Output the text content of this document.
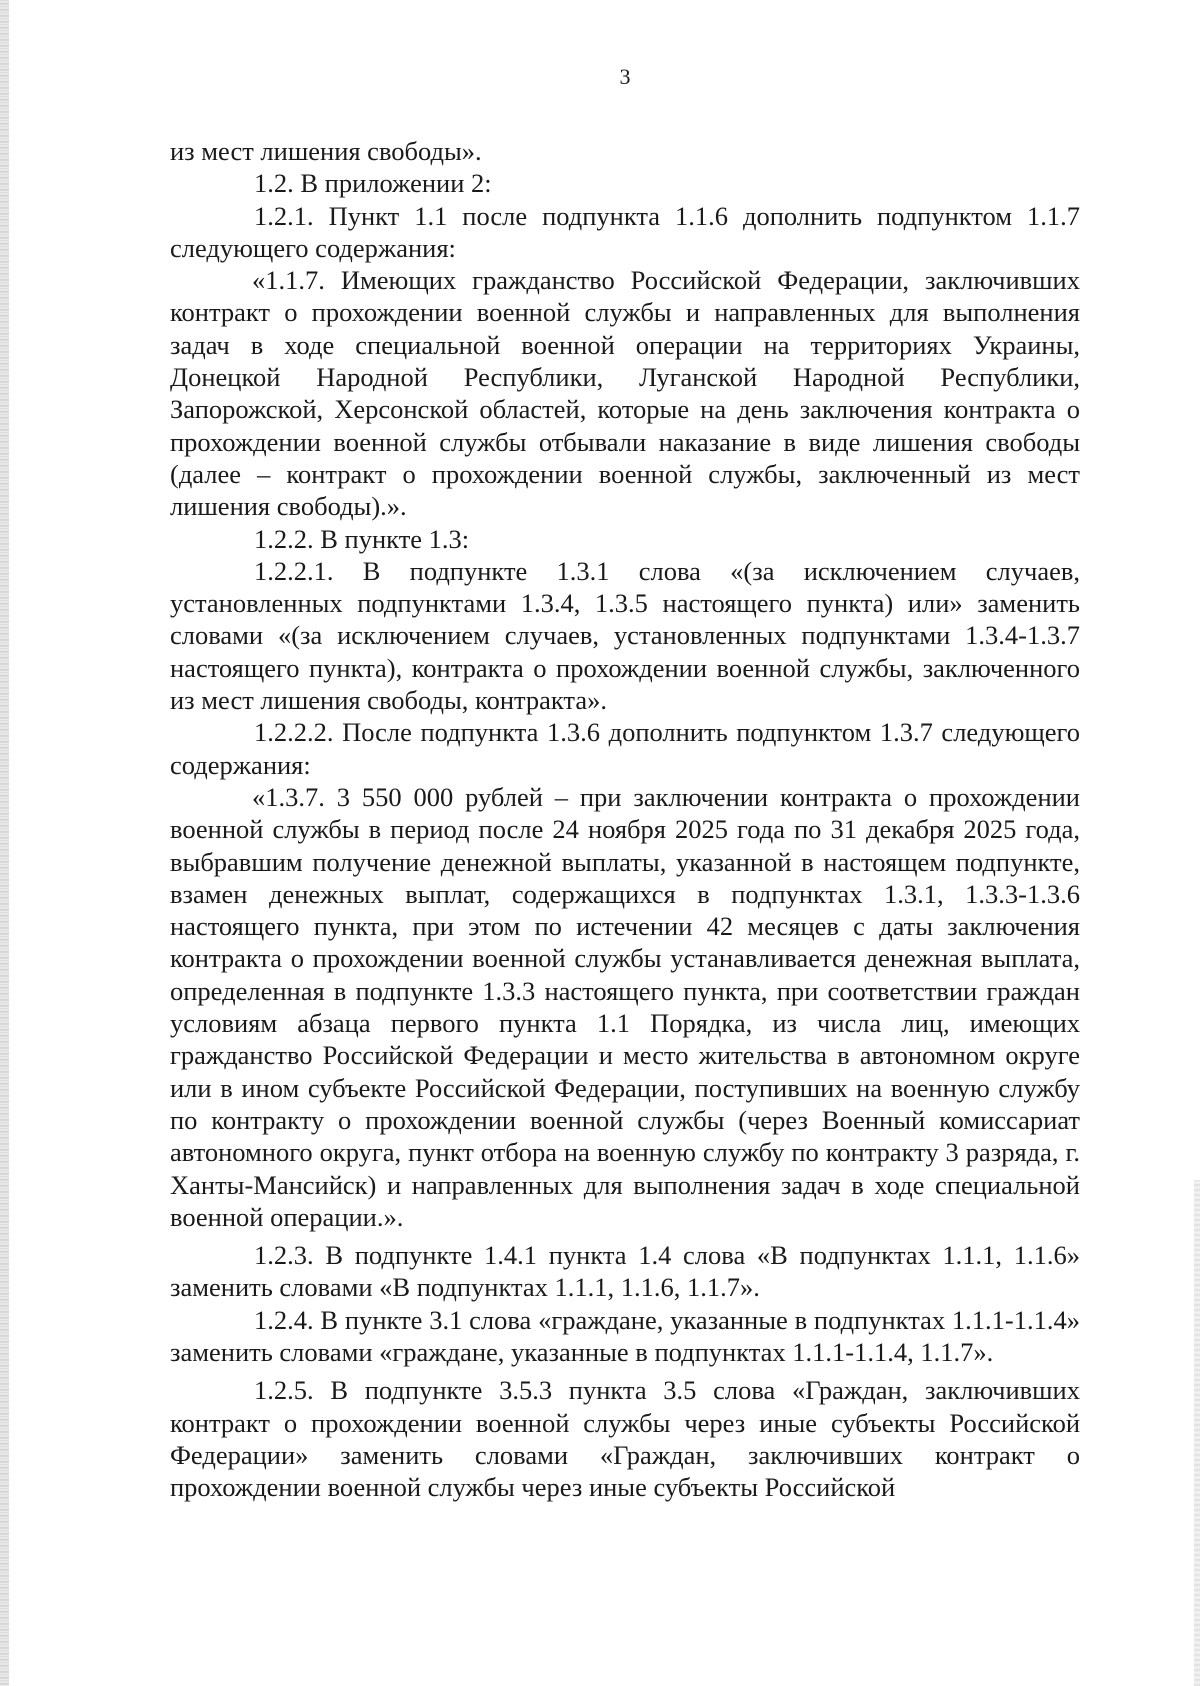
3

из мест лишения свободы».

1.2. В приложении 2:

1.2.1. Пункт 1.1 после подпункта 1.1.6 дополнить подпунктом 1.1.7 следующего содержания:

«1.1.7. Имеющих гражданство Российской Федерации, заключивших контракт о прохождении военной службы и направленных для выполнения задач в ходе специальной военной операции на территориях Украины, Донецкой Народной Республики, Луганской Народной Республики, Запорожской, Херсонской областей, которые на день заключения контракта о прохождении военной службы отбывали наказание в виде лишения свободы (далее – контракт о прохождении военной службы, заключенный из мест лишения свободы).».

1.2.2. В пункте 1.3:

1.2.2.1. В подпункте 1.3.1 слова «(за исключением случаев, установленных подпунктами 1.3.4, 1.3.5 настоящего пункта) или» заменить словами «(за исключением случаев, установленных подпунктами 1.3.4-1.3.7 настоящего пункта), контракта о прохождении военной службы, заключенного из мест лишения свободы, контракта».

1.2.2.2. После подпункта 1.3.6 дополнить подпунктом 1.3.7 следующего содержания:

«1.3.7. 3 550 000 рублей – при заключении контракта о прохождении военной службы в период после 24 ноября 2025 года по 31 декабря 2025 года, выбравшим получение денежной выплаты, указанной в настоящем подпункте, взамен денежных выплат, содержащихся в подпунктах 1.3.1, 1.3.3-1.3.6 настоящего пункта, при этом по истечении 42 месяцев с даты заключения контракта о прохождении военной службы устанавливается денежная выплата, определенная в подпункте 1.3.3 настоящего пункта, при соответствии граждан условиям абзаца первого пункта 1.1 Порядка, из числа лиц, имеющих гражданство Российской Федерации и место жительства в автономном округе или в ином субъекте Российской Федерации, поступивших на военную службу по контракту о прохождении военной службы (через Военный комиссариат автономного округа, пункт отбора на военную службу по контракту 3 разряда, г. Ханты-Мансийск) и направленных для выполнения задач в ходе специальной военной операции.».

1.2.3. В подпункте 1.4.1 пункта 1.4 слова «В подпунктах 1.1.1, 1.1.6» заменить словами «В подпунктах 1.1.1, 1.1.6, 1.1.7».

1.2.4. В пункте 3.1 слова «граждане, указанные в подпунктах 1.1.1-1.1.4» заменить словами «граждане, указанные в подпунктах 1.1.1-1.1.4, 1.1.7».

1.2.5. В подпункте 3.5.3 пункта 3.5 слова «Граждан, заключивших контракт о прохождении военной службы через иные субъекты Российской Федерации» заменить словами «Граждан, заключивших контракт о прохождении военной службы через иные субъекты Российской
